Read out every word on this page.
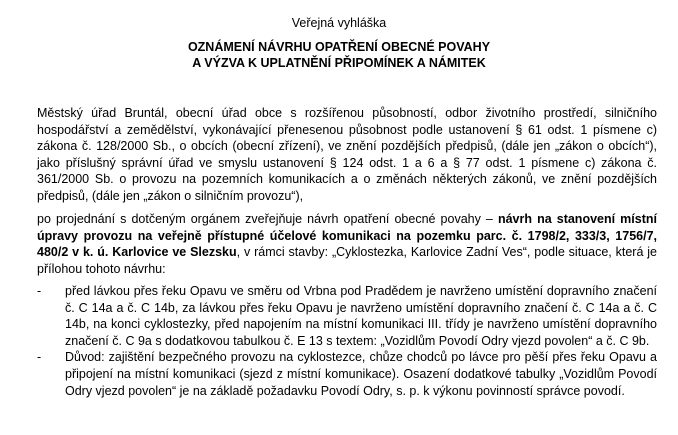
Veřejná vyhláška
OZNÁMENÍ NÁVRHU OPATŘENÍ OBECNÉ POVAHY
A VÝZVA K UPLATNĚNÍ PŘIPOMÍNEK A NÁMITEK
Městský úřad Bruntál, obecní úřad obce s rozšířenou působností, odbor životního prostředí, silničního hospodářství a zemědělství, vykonávající přenesenou působnost podle ustanovení § 61 odst. 1 písmene c) zákona č. 128/2000 Sb., o obcích (obecní zřízení), ve znění pozdějších předpisů, (dále jen „zákon o obcích“), jako příslušný správní úřad ve smyslu ustanovení § 124 odst. 1 a 6 a § 77 odst. 1 písmene c) zákona č. 361/2000 Sb. o provozu na pozemních komunikacích a o změnách některých zákonů, ve znění pozdějších předpisů, (dále jen „zákon o silničním provozu“),
po projednání s dotčeným orgánem zveřejňuje návrh opatření obecné povahy – návrh na stanovení místní úpravy provozu na veřejně přístupné účelové komunikaci na pozemku parc. č. 1798/2, 333/3, 1756/7, 480/2 v k. ú. Karlovice ve Slezsku, v rámci stavby: „Cyklostezka, Karlovice Zadní Ves“, podle situace, která je přílohou tohoto návrhu:
- před lávkou přes řeku Opavu ve směru od Vrbna pod Pradědem je navrženo umístění dopravního značení č. C 14a a č. C 14b, za lávkou přes řeku Opavu je navrženo umístění dopravního značení č. C 14a a č. C 14b, na konci cyklostezky, před napojením na místní komunikaci III. třídy je navrženo umístění dopravního značení č. C 9a s dodatkovou tabulkou č. E 13 s textem: „Vozidlům Povodí Odry vjezd povolen“ a č. C 9b.
- Důvod: zajištění bezpečného provozu na cyklostezce, chůze chodců po lávce pro pěší přes řeku Opavu a připojení na místní komunikaci (sjezd z místní komunikace). Osazení dodatkové tabulky „Vozidlům Povodí Odry vjezd povolen“ je na základě požadavku Povodí Odry, s. p. k výkonu povinností správce povodí.
